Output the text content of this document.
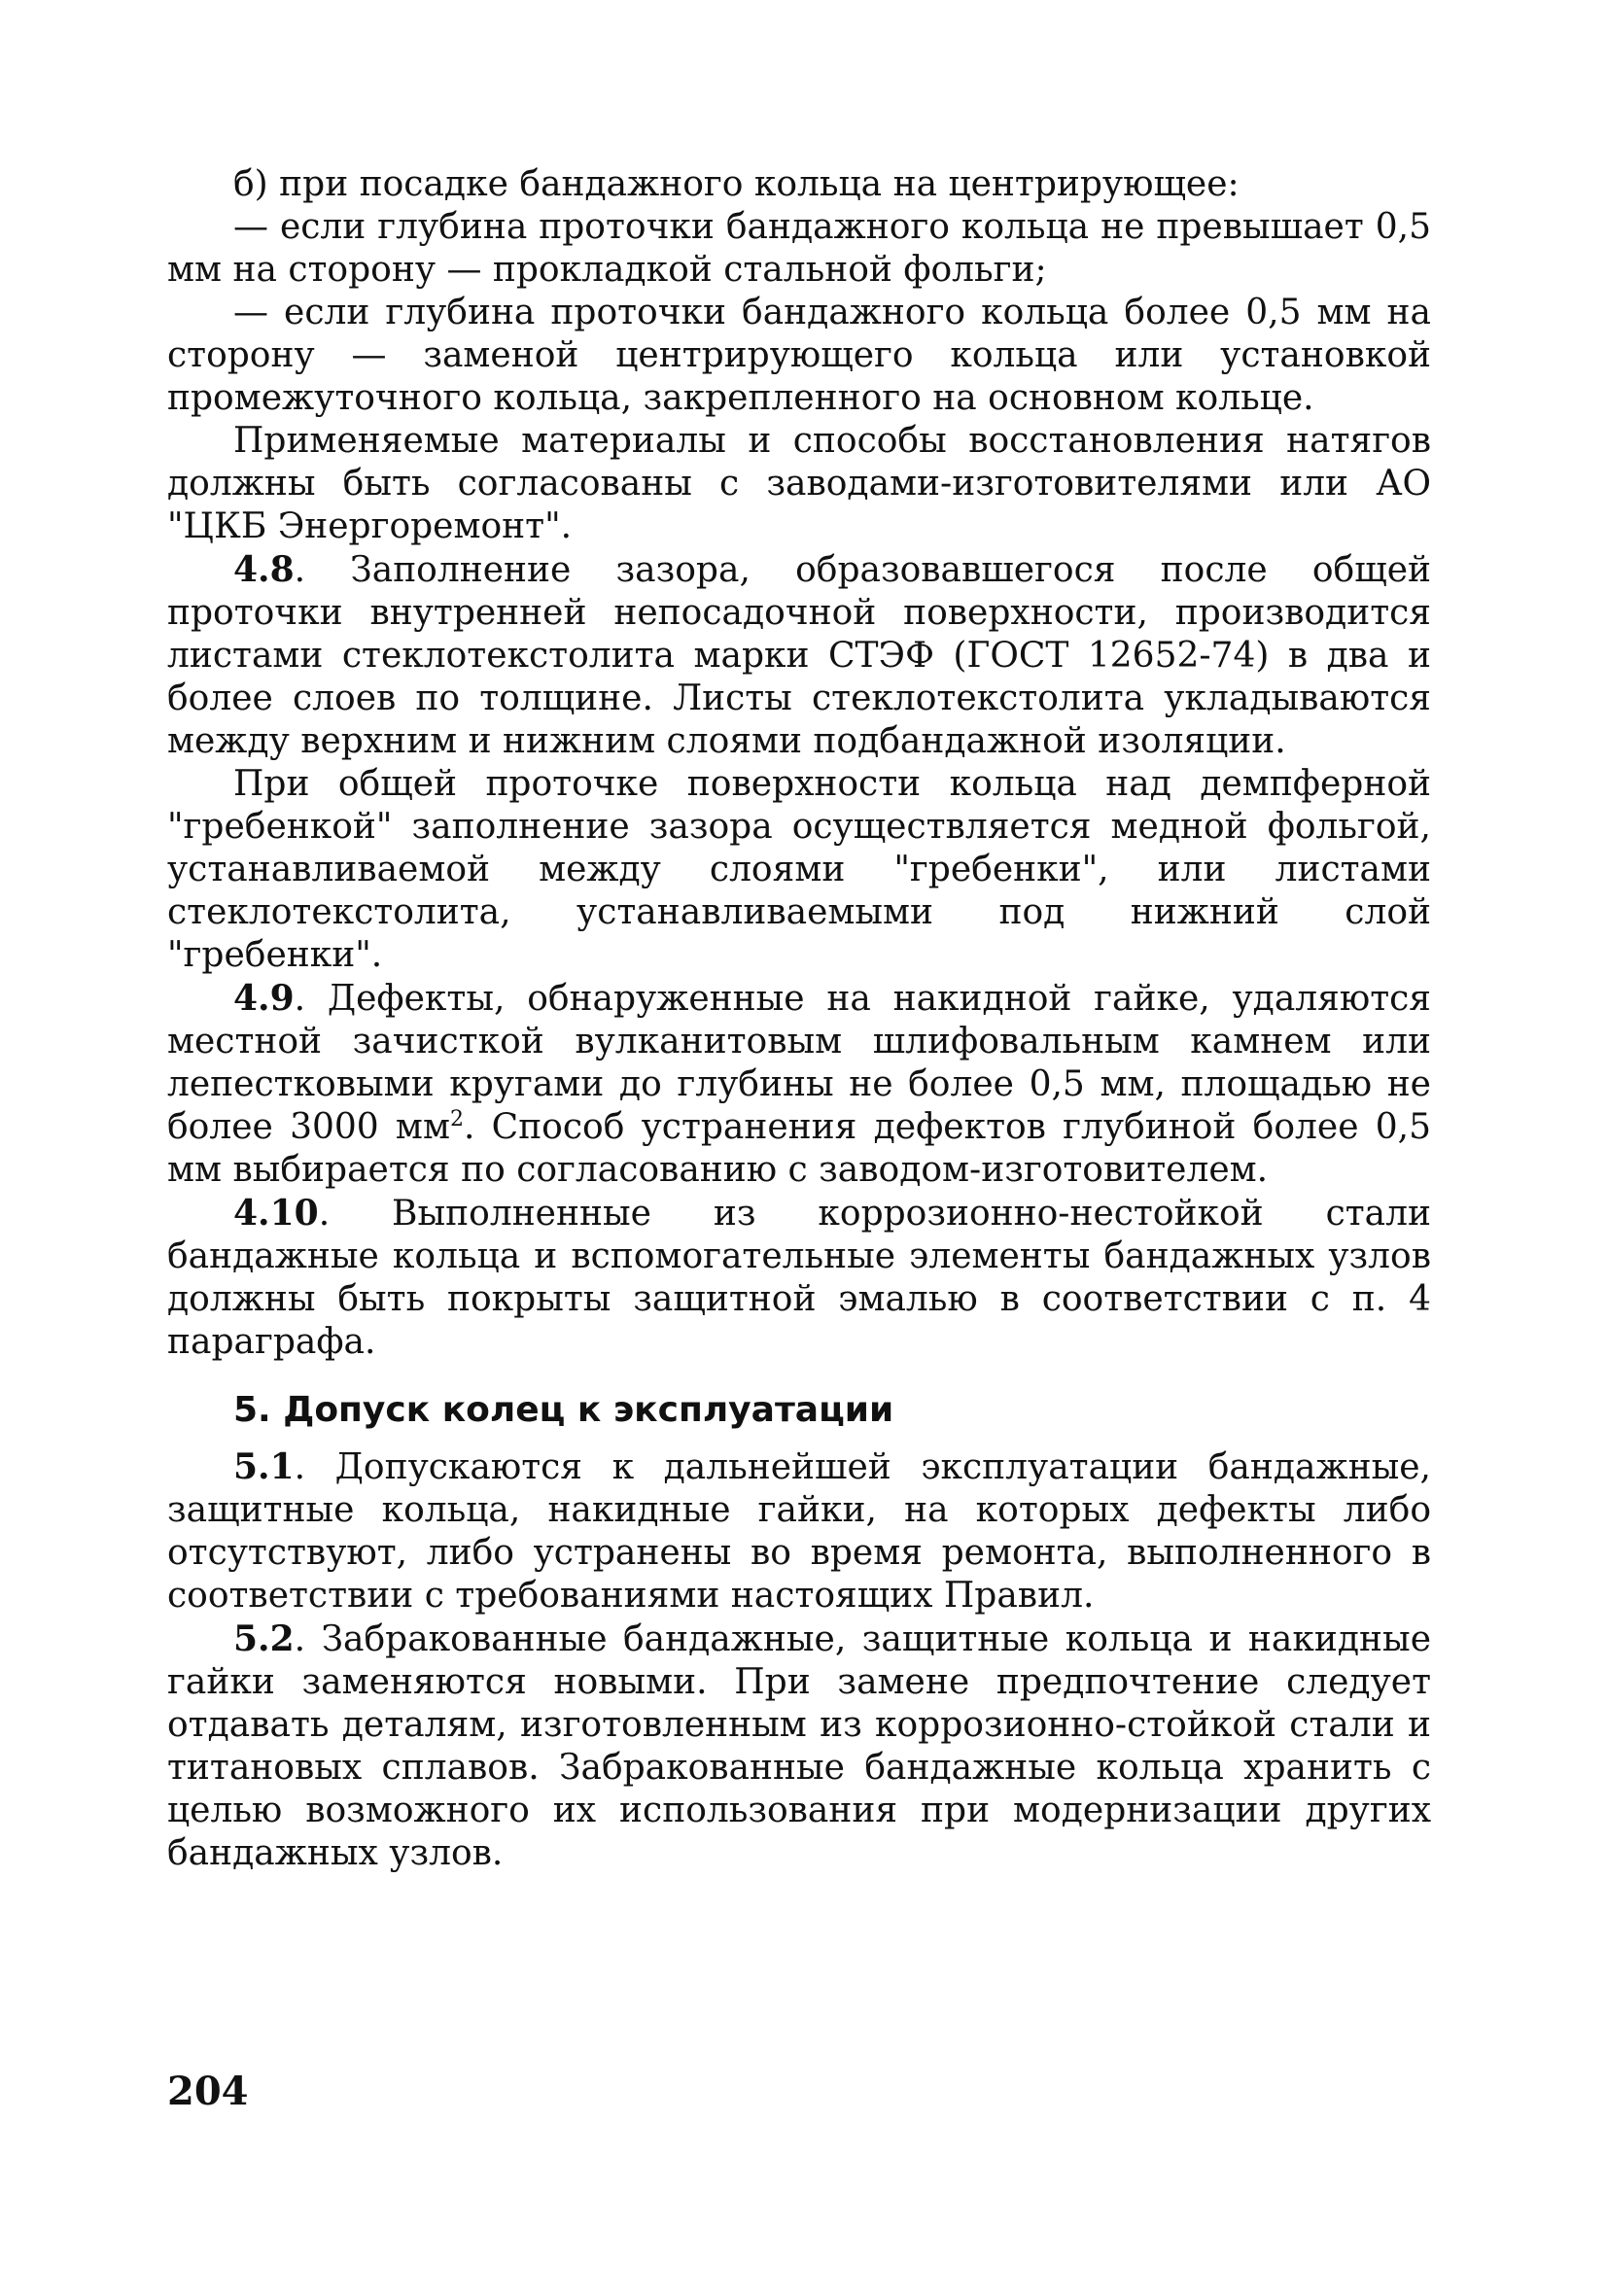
б) при посадке бандажного кольца на центрирующее:

— если глубина проточки бандажного кольца не превышает 0,5 мм на сторону — прокладкой стальной фольги;

— если глубина проточки бандажного кольца более 0,5 мм на сторону — заменой центрирующего кольца или установкой промежуточного кольца, закрепленного на основном кольце.

Применяемые материалы и способы восстановления натягов должны быть согласованы с заводами-изготовителями или АО "ЦКБ Энергоремонт".

4.8. Заполнение зазора, образовавшегося после общей проточки внутренней непосадочной поверхности, производится листами стеклотекстолита марки СТЭФ (ГОСТ 12652-74) в два и более слоев по толщине. Листы стеклотекстолита укладываются между верхним и нижним слоями подбандажной изоляции.

При общей проточке поверхности кольца над демпферной "гребенкой" заполнение зазора осуществляется медной фольгой, устанавливаемой между слоями "гребенки", или листами стеклотекстолита, устанавливаемыми под нижний слой "гребенки".

4.9. Дефекты, обнаруженные на накидной гайке, удаляются местной зачисткой вулканитовым шлифовальным камнем или лепестковыми кругами до глубины не более 0,5 мм, площадью не более 3000 $мм^2$. Способ устранения дефектов глубиной более 0,5 мм выбирается по согласованию с заводом-изготовителем.

4.10. Выполненные из коррозионно-нестойкой стали бандажные кольца и вспомогательные элементы бандажных узлов должны быть покрыты защитной эмалью в соответствии с п. 4 параграфа.

5. Допуск колец к эксплуатации

5.1. Допускаются к дальнейшей эксплуатации бандажные, защитные кольца, накидные гайки, на которых дефекты либо отсутствуют, либо устранены во время ремонта, выполненного в соответствии с требованиями настоящих Правил.

5.2. Забракованные бандажные, защитные кольца и накидные гайки заменяются новыми. При замене предпочтение следует отдавать деталям, изготовленным из коррозионно-стойкой стали и титановых сплавов. Забракованные бандажные кольца хранить с целью возможного их использования при модернизации других бандажных узлов.

204
